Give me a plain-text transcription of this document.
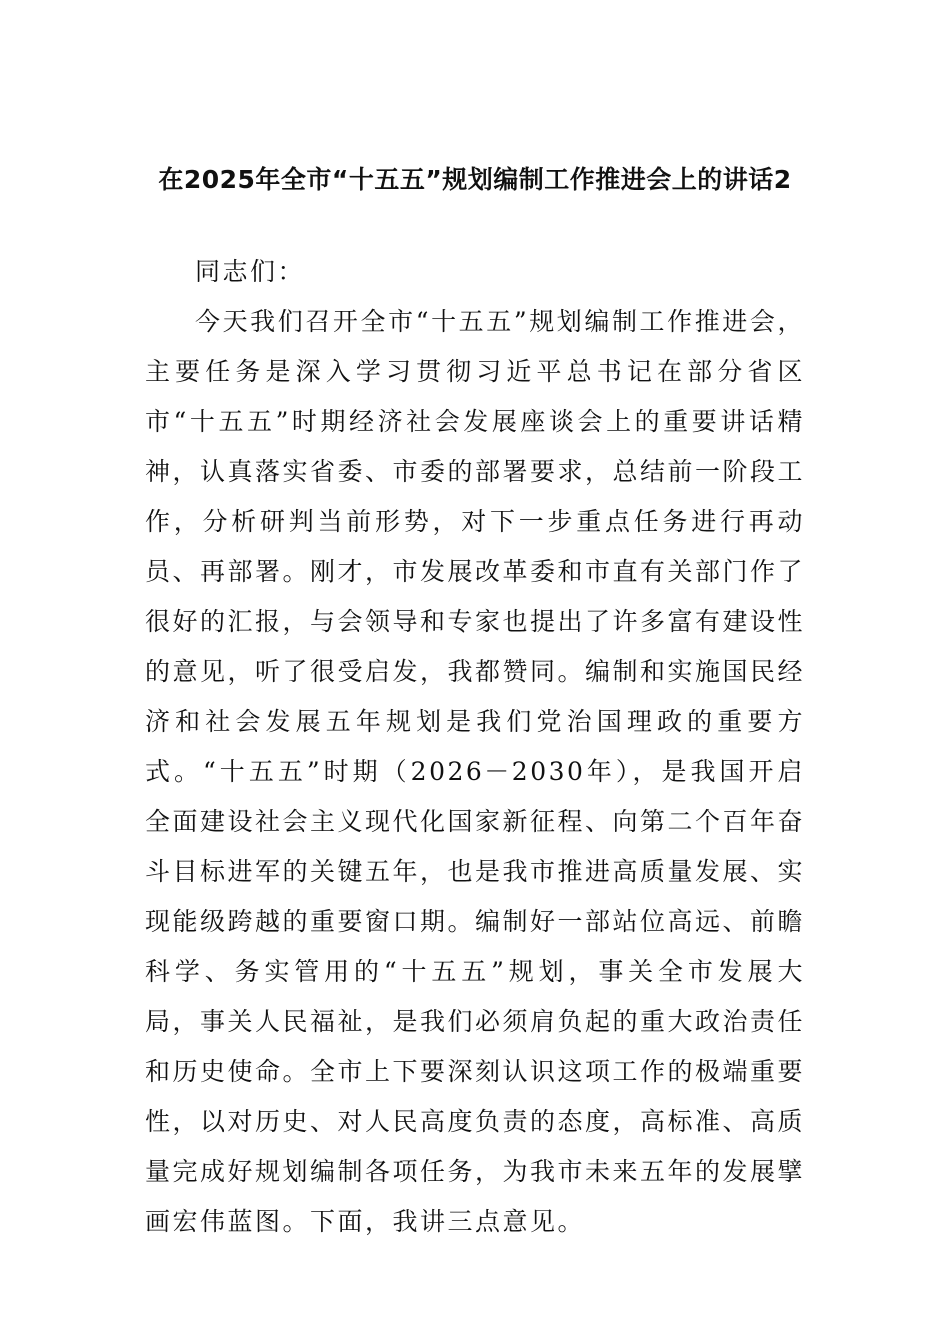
在2025年全市“十五五”规划编制工作推进会上的讲话2

同志们：

今天我们召开全市“十五五”规划编制工作推进会，主要任务是深入学习贯彻习近平总书记在部分省区市“十五五”时期经济社会发展座谈会上的重要讲话精神，认真落实省委、市委的部署要求，总结前一阶段工作，分析研判当前形势，对下一步重点任务进行再动员、再部署。刚才，市发展改革委和市直有关部门作了很好的汇报，与会领导和专家也提出了许多富有建设性的意见，听了很受启发，我都赞同。编制和实施国民经济和社会发展五年规划是我们党治国理政的重要方式。“十五五”时期（2026－2030年），是我国开启全面建设社会主义现代化国家新征程、向第二个百年奋斗目标进军的关键五年，也是我市推进高质量发展、实现能级跨越的重要窗口期。编制好一部站位高远、前瞻科学、务实管用的“十五五”规划，事关全市发展大局，事关人民福祉，是我们必须肩负起的重大政治责任和历史使命。全市上下要深刻认识这项工作的极端重要性，以对历史、对人民高度负责的态度，高标准、高质量完成好规划编制各项任务，为我市未来五年的发展擘画宏伟蓝图。下面，我讲三点意见。
